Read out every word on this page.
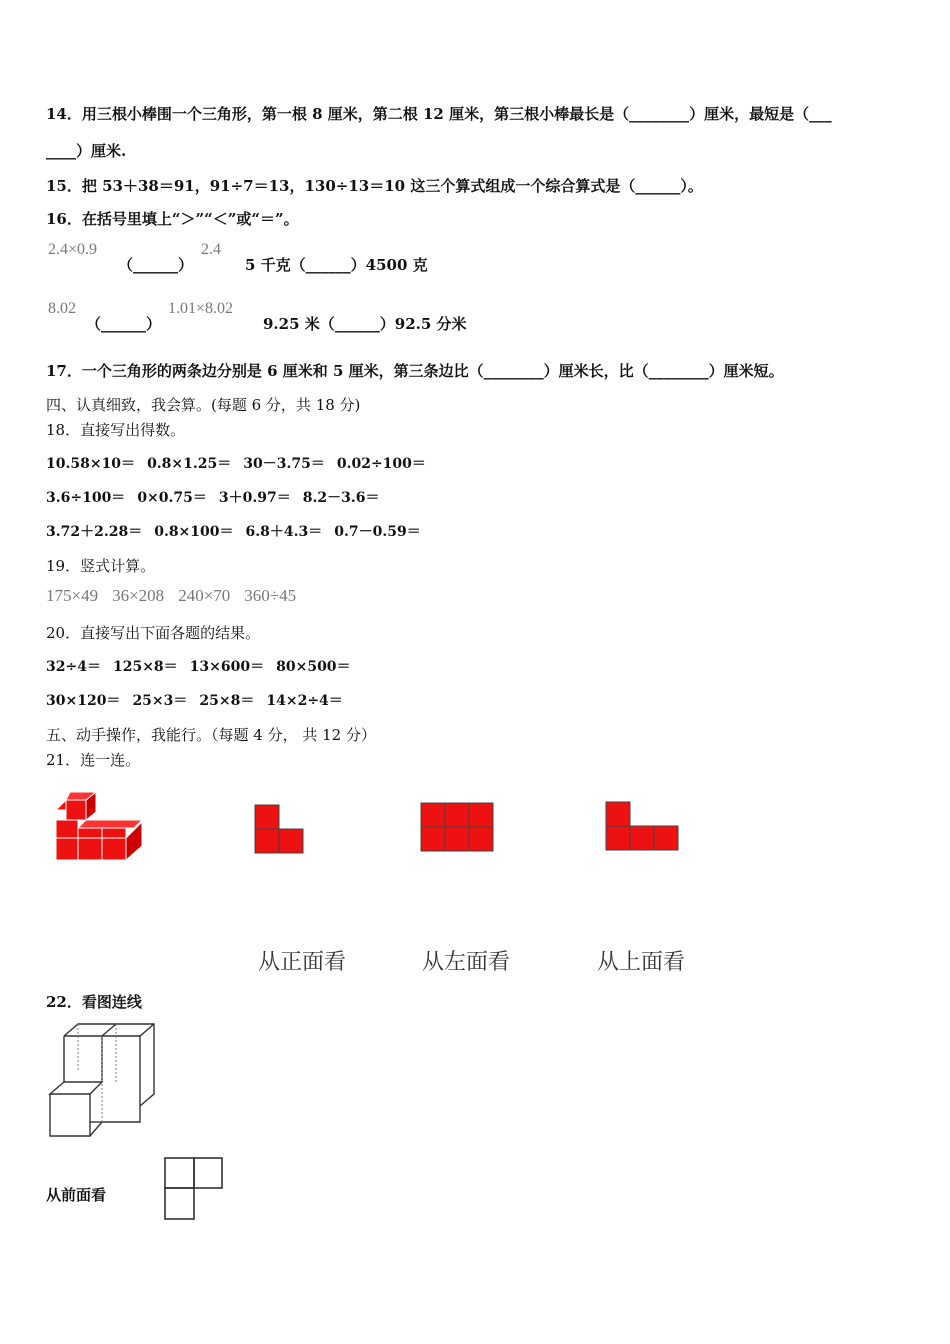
14．用三根小棒围一个三角形，第一根 8 厘米，第二根 12 厘米，第三根小棒最长是（________）厘米，最短是（___
____）厘米.
15．把 53＋38＝91，91÷7＝13，130÷13＝10 这三个算式组成一个综合算式是（______）。
16．在括号里填上“＞”“＜”或“＝”。
2.4×0.9
（______）
2.4
5 千克（______）4500 克
8.02
（______）
1.01×8.02
9.25 米（______）92.5 分米
17．一个三角形的两条边分别是 6 厘米和 5 厘米，第三条边比（________）厘米长，比（________）厘米短。
四、认真细致，我会算。(每题 6 分，共 18 分)
18．直接写出得数。
10.58×10＝ 0.8×1.25＝ 30－3.75＝ 0.02÷100＝
3.6÷100＝ 0×0.75＝ 3＋0.97＝ 8.2－3.6＝
3.72＋2.28＝ 0.8×100＝ 6.8＋4.3＝ 0.7－0.59＝
19．竖式计算。
175×49 36×208 240×70 360÷45
20．直接写出下面各题的结果。
32÷4＝ 125×8＝ 13×600＝ 80×500＝
30×120＝ 25×3＝ 25×8＝ 14×2÷4＝
五、动手操作，我能行。（每题 4 分， 共 12 分）
21．连一连。
从正面看	从左面看	从上面看
22．看图连线
从前面看
